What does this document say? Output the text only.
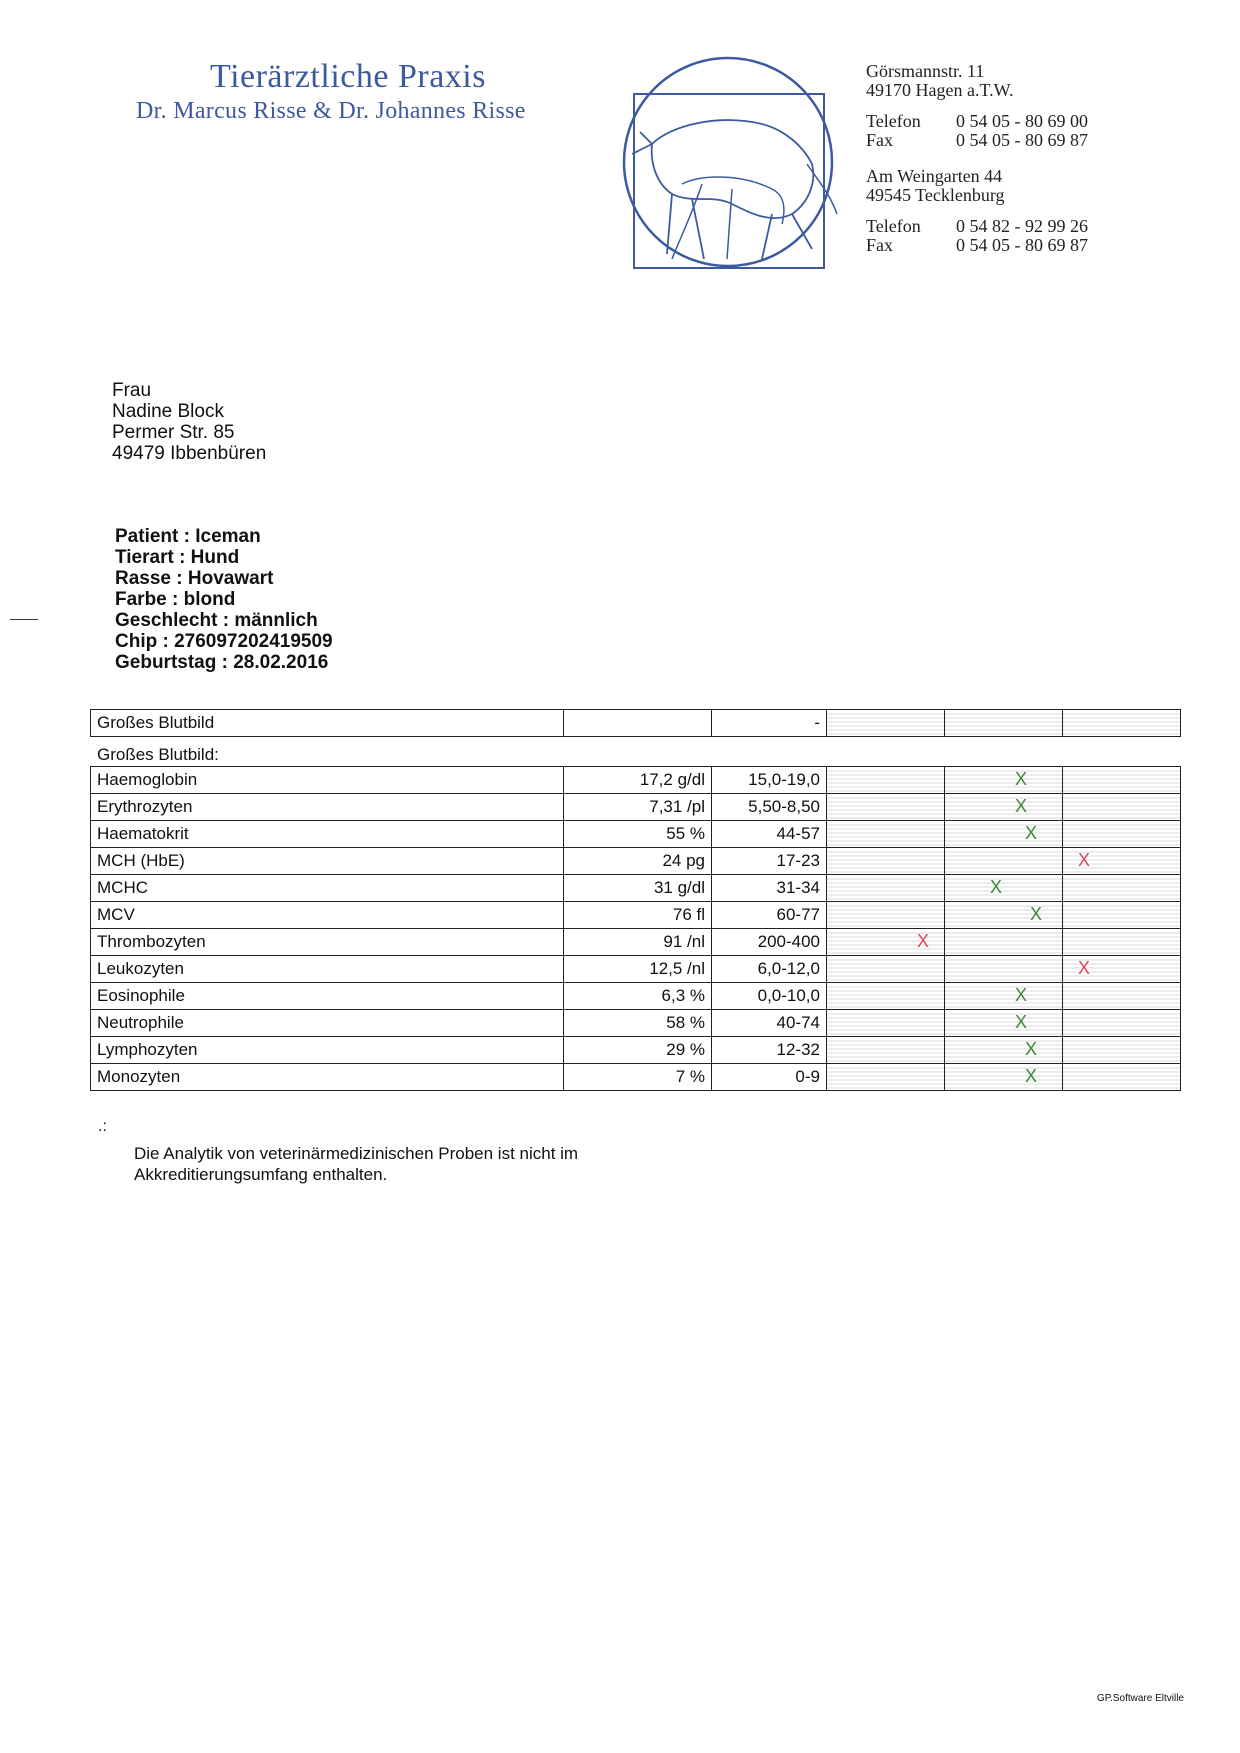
Tierärztliche Praxis
Dr. Marcus Risse & Dr. Johannes Risse
Görsmannstr. 11
49170 Hagen a.T.W.
Telefon	0 54 05 - 80 69 00
Fax	0 54 05 - 80 69 87
Am Weingarten 44
49545 Tecklenburg
Telefon	0 54 82 - 92 99 26
Fax	0 54 05 - 80 69 87
Frau
Nadine Block
Permer Str. 85
49479 Ibbenbüren
Patient : Iceman
Tierart : Hund
Rasse : Hovawart
Farbe : blond
Geschlecht : männlich
Chip : 276097202419509
Geburtstag : 28.02.2016
Großes Blutbild		-			
Großes Blutbild:
Haemoglobin	17,2 g/dl	15,0-19,0		X	

Erythrozyten	7,31 /pl	5,50-8,50		X	

Haematokrit	55 %	44-57		X	

MCH (HbE)	24 pg	17-23			X

MCHC	31 g/dl	31-34		X	

MCV	76 fl	60-77		X	

Thrombozyten	91 /nl	200-400	X		

Leukozyten	12,5 /nl	6,0-12,0			X

Eosinophile	6,3 %	0,0-10,0		X	

Neutrophile	58 %	40-74		X	

Lymphozyten	29 %	12-32		X	

Monozyten	7 %	0-9		X	

.:
Die Analytik von veterinärmedizinischen Proben ist nicht im
Akkreditierungsumfang enthalten.
GP.Software Eltville
